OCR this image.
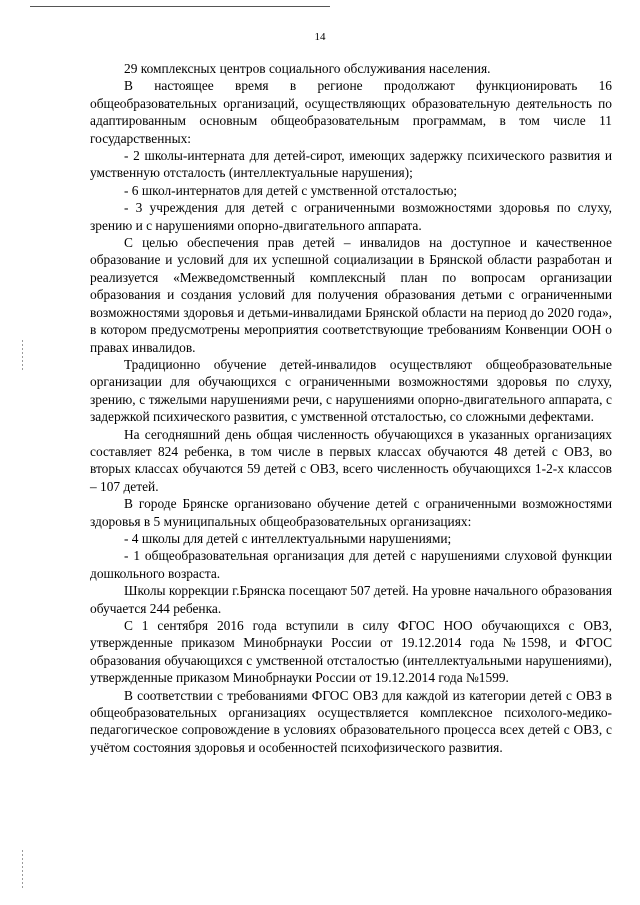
14

29 комплексных центров социального обслуживания населения.

В настоящее время в регионе продолжают функционировать 16 общеобразовательных организаций, осуществляющих образовательную деятельность по адаптированным основным общеобразовательным программам, в том числе 11 государственных:

- 2 школы-интерната для детей-сирот, имеющих задержку психического развития и умственную отсталость (интеллектуальные нарушения);

- 6 школ-интернатов для детей с умственной отсталостью;

- 3 учреждения для детей с ограниченными возможностями здоровья по слуху, зрению и с нарушениями опорно-двигательного аппарата.

С целью обеспечения прав детей – инвалидов на доступное и качественное образование и условий для их успешной социализации в Брянской области разработан и реализуется «Межведомственный комплексный план по вопросам организации образования и создания условий для получения образования детьми с ограниченными возможностями здоровья и детьми-инвалидами Брянской области на период до 2020 года», в котором предусмотрены мероприятия соответствующие требованиям Конвенции ООН о правах инвалидов.

Традиционно обучение детей-инвалидов осуществляют общеобразовательные организации для обучающихся с ограниченными возможностями здоровья по слуху, зрению, с тяжелыми нарушениями речи, с нарушениями опорно-двигательного аппарата, с задержкой психического развития, с умственной отсталостью, со сложными дефектами.

На сегодняшний день общая численность обучающихся в указанных организациях составляет 824 ребенка, в том числе в первых классах обучаются 48 детей с ОВЗ, во вторых классах обучаются 59 детей с ОВЗ, всего численность обучающихся 1-2-х классов – 107 детей.

В городе Брянске организовано обучение детей с ограниченными возможностями здоровья в 5 муниципальных общеобразовательных организациях:

- 4 школы для детей с интеллектуальными нарушениями;

- 1 общеобразовательная организация для детей с нарушениями слуховой функции дошкольного возраста.

Школы коррекции г.Брянска посещают 507 детей. На уровне начального образования обучается 244 ребенка.

С 1 сентября 2016 года вступили в силу ФГОС НОО обучающихся с ОВЗ, утвержденные приказом Минобрнауки России от 19.12.2014 года №1598, и ФГОС образования обучающихся с умственной отсталостью (интеллектуальными нарушениями), утвержденные приказом Минобрнауки России от 19.12.2014 года №1599.

В соответствии с требованиями ФГОС ОВЗ для каждой из категории детей с ОВЗ в общеобразовательных организациях осуществляется комплексное психолого-медико-педагогическое сопровождение в условиях образовательного процесса всех детей с ОВЗ, с учётом состояния здоровья и особенностей психофизического развития.
